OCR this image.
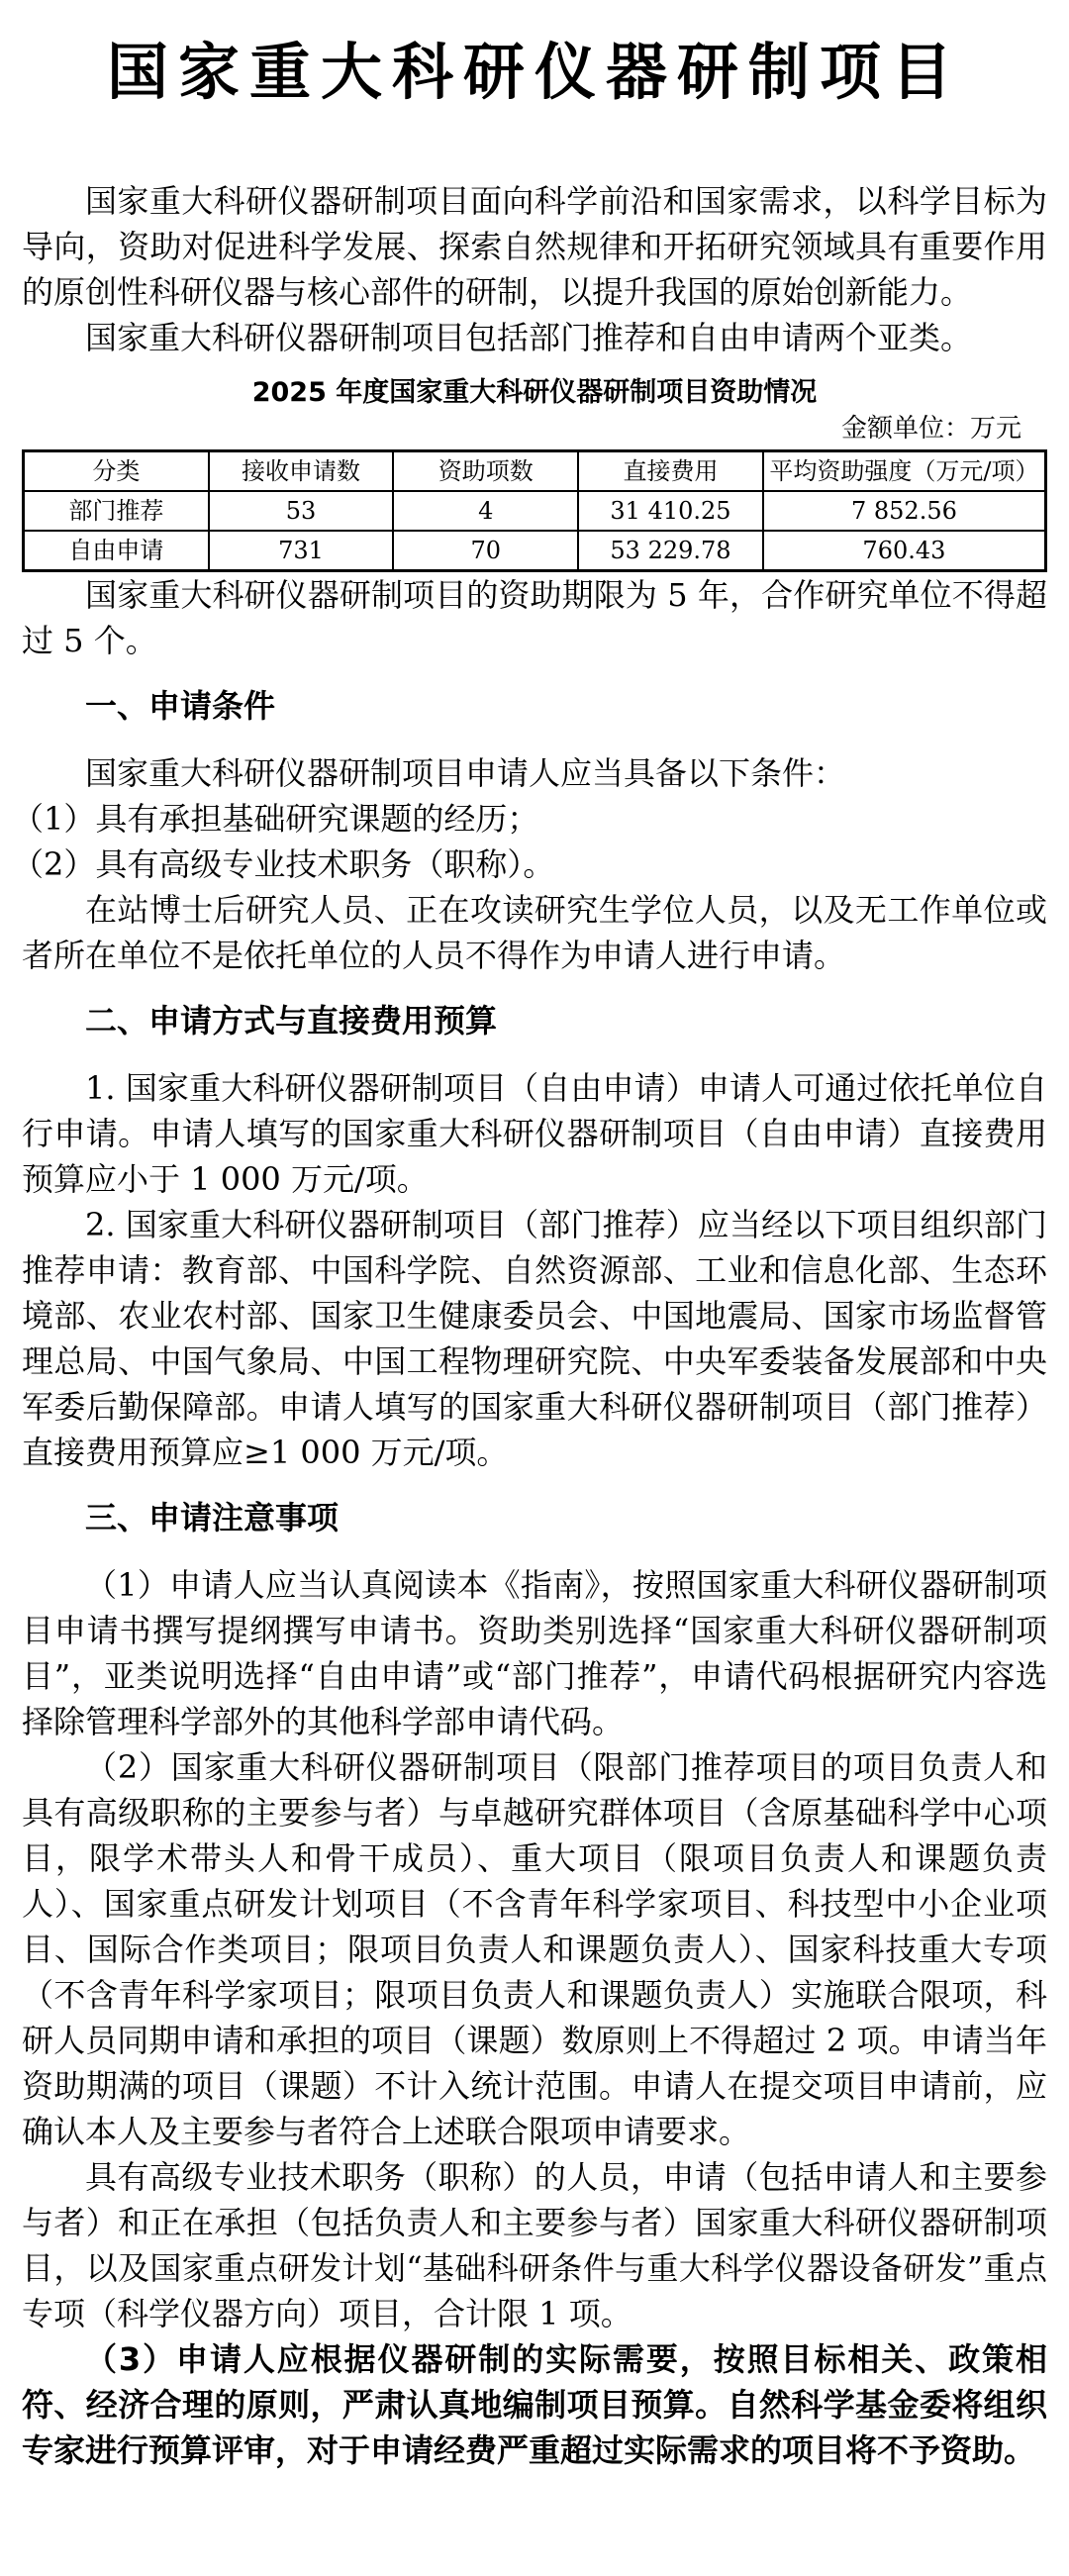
国家重大科研仪器研制项目

国家重大科研仪器研制项目面向科学前沿和国家需求，以科学目标为导向，资助对促进科学发展、探索自然规律和开拓研究领域具有重要作用的原创性科研仪器与核心部件的研制，以提升我国的原始创新能力。

国家重大科研仪器研制项目包括部门推荐和自由申请两个亚类。

2025 年度国家重大科研仪器研制项目资助情况
金额单位：万元
分类	接收申请数	资助项数	直接费用	平均资助强度（万元/项）
部门推荐	53	4	31 410.25	7 852.56
自由申请	731	70	53 229.78	760.43

国家重大科研仪器研制项目的资助期限为 5 年，合作研究单位不得超过 5 个。

一、申请条件

国家重大科研仪器研制项目申请人应当具备以下条件：

（1）具有承担基础研究课题的经历；

（2）具有高级专业技术职务（职称）。

在站博士后研究人员、正在攻读研究生学位人员，以及无工作单位或者所在单位不是依托单位的人员不得作为申请人进行申请。

二、申请方式与直接费用预算

1. 国家重大科研仪器研制项目（自由申请）申请人可通过依托单位自行申请。申请人填写的国家重大科研仪器研制项目（自由申请）直接费用预算应小于 1 000 万元/项。

2. 国家重大科研仪器研制项目（部门推荐）应当经以下项目组织部门推荐申请：教育部、中国科学院、自然资源部、工业和信息化部、生态环境部、农业农村部、国家卫生健康委员会、中国地震局、国家市场监督管理总局、中国气象局、中国工程物理研究院、中央军委装备发展部和中央军委后勤保障部。申请人填写的国家重大科研仪器研制项目（部门推荐）直接费用预算应≥1 000 万元/项。

三、申请注意事项

（1）申请人应当认真阅读本《指南》，按照国家重大科研仪器研制项目申请书撰写提纲撰写申请书。资助类别选择“国家重大科研仪器研制项目”，亚类说明选择“自由申请”或“部门推荐”，申请代码根据研究内容选择除管理科学部外的其他科学部申请代码。

（2）国家重大科研仪器研制项目（限部门推荐项目的项目负责人和具有高级职称的主要参与者）与卓越研究群体项目（含原基础科学中心项目，限学术带头人和骨干成员）、重大项目（限项目负责人和课题负责人）、国家重点研发计划项目（不含青年科学家项目、科技型中小企业项目、国际合作类项目；限项目负责人和课题负责人）、国家科技重大专项（不含青年科学家项目；限项目负责人和课题负责人）实施联合限项，科研人员同期申请和承担的项目（课题）数原则上不得超过 2 项。申请当年资助期满的项目（课题）不计入统计范围。申请人在提交项目申请前，应确认本人及主要参与者符合上述联合限项申请要求。

具有高级专业技术职务（职称）的人员，申请（包括申请人和主要参与者）和正在承担（包括负责人和主要参与者）国家重大科研仪器研制项目，以及国家重点研发计划“基础科研条件与重大科学仪器设备研发”重点专项（科学仪器方向）项目，合计限 1 项。

（3）申请人应根据仪器研制的实际需要，按照目标相关、政策相符、经济合理的原则，严肃认真地编制项目预算。自然科学基金委将组织专家进行预算评审，对于申请经费严重超过实际需求的项目将不予资助。
